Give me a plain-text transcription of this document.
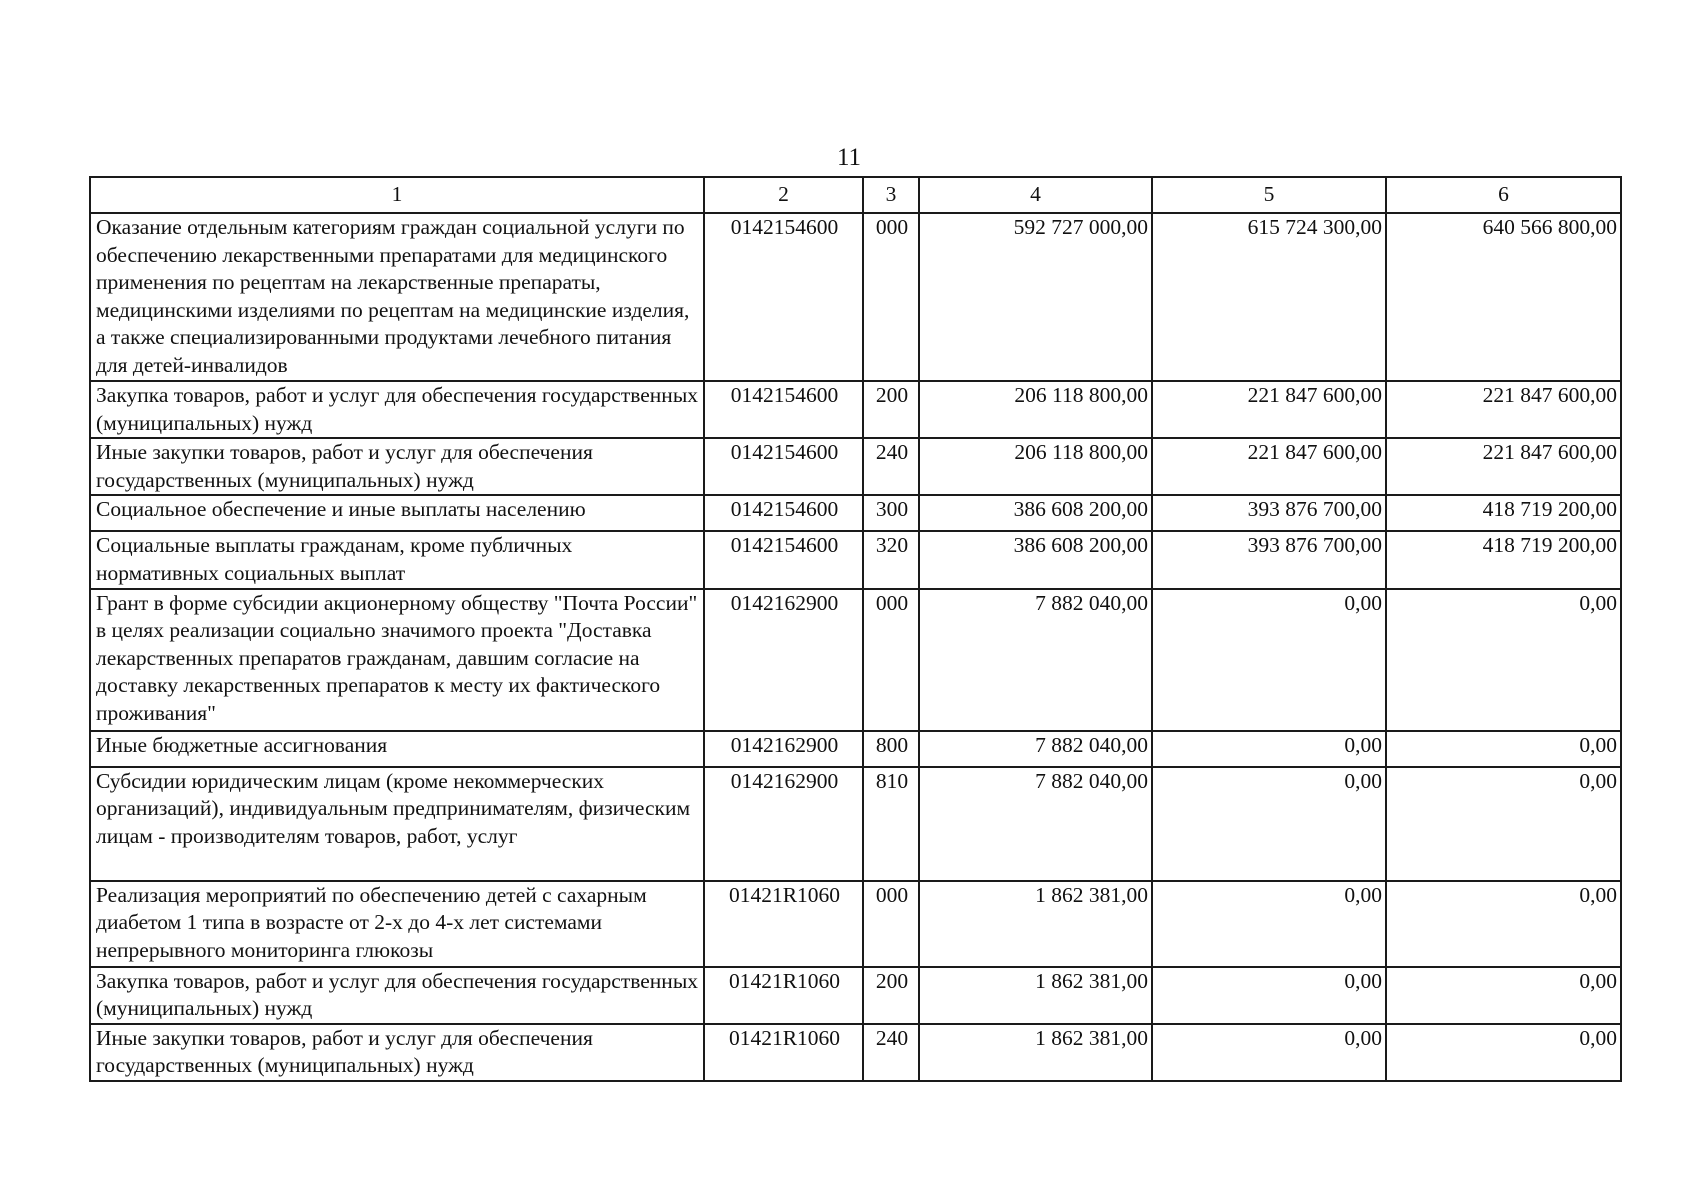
11
1	2	3	4	5	6
Оказание отдельным категориям граждан социальной услуги по обеспечению лекарственными препаратами для медицинского применения по рецептам на лекарственные препараты, медицинскими изделиями по рецептам на медицинские изделия, а также специализированными продуктами лечебного питания для детей-инвалидов	0142154600	000	592 727 000,00	615 724 300,00	640 566 800,00
Закупка товаров, работ и услуг для обеспечения государственных (муниципальных) нужд	0142154600	200	206 118 800,00	221 847 600,00	221 847 600,00
Иные закупки товаров, работ и услуг для обеспечения государственных (муниципальных) нужд	0142154600	240	206 118 800,00	221 847 600,00	221 847 600,00
Социальное обеспечение и иные выплаты населению	0142154600	300	386 608 200,00	393 876 700,00	418 719 200,00
Социальные выплаты гражданам, кроме публичных нормативных социальных выплат	0142154600	320	386 608 200,00	393 876 700,00	418 719 200,00
Грант в форме субсидии акционерному обществу "Почта России" в целях реализации социально значимого проекта "Доставка лекарственных препаратов гражданам, давшим согласие на доставку лекарственных препаратов к месту их фактического проживания"	0142162900	000	7 882 040,00	0,00	0,00
Иные бюджетные ассигнования	0142162900	800	7 882 040,00	0,00	0,00
Субсидии юридическим лицам (кроме некоммерческих организаций), индивидуальным предпринимателям, физическим лицам - производителям товаров, работ, услуг	0142162900	810	7 882 040,00	0,00	0,00
Реализация мероприятий по обеспечению детей с сахарным диабетом 1 типа в возрасте от 2-х до 4-х лет системами непрерывного мониторинга глюкозы	01421R1060	000	1 862 381,00	0,00	0,00
Закупка товаров, работ и услуг для обеспечения государственных (муниципальных) нужд	01421R1060	200	1 862 381,00	0,00	0,00
Иные закупки товаров, работ и услуг для обеспечения государственных (муниципальных) нужд	01421R1060	240	1 862 381,00	0,00	0,00
